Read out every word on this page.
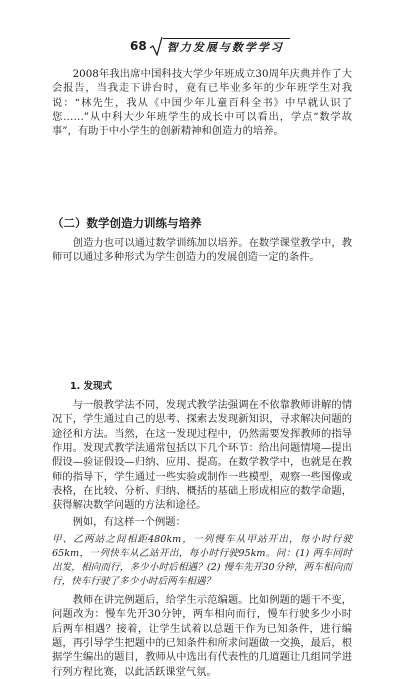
68	智力发展与数学学习

2008年我出席中国科技大学少年班成立30周年庆典并作了大会报告，当我走下讲台时，竟有已毕业多年的少年班学生对我说：“林先生，我从《中国少年儿童百科全书》中早就认识了您……”从中科大少年班学生的成长中可以看出，学点“数学故事”，有助于中小学生的创新精神和创造力的培养。

（二）数学创造力训练与培养

创造力也可以通过数学训练加以培养。在数学课堂教学中，教师可以通过多种形式为学生创造力的发展创造一定的条件。

1. 发现式

与一般教学法不同，发现式教学法强调在不依靠教师讲解的情况下，学生通过自己的思考、探索去发现新知识，寻求解决问题的途径和方法。当然，在这一发现过程中，仍然需要发挥教师的指导作用。发现式教学法通常包括以下几个环节：给出问题情境—提出假设—验证假设—归纳、应用、提高。在数学教学中，也就是在教师的指导下，学生通过一些实验或制作一些模型，观察一些图像或表格，在比较、分析、归纳、概括的基础上形成相应的数学命题，获得解决数学问题的方法和途径。

例如，有这样一个例题：

甲、乙两站之间相距480km，一列慢车从甲站开出，每小时行驶65km，一列快车从乙站开出，每小时行驶95km。问：(1) 两车同时出发，相向而行，多少小时后相遇？(2) 慢车先开30分钟，两车相向而行，快车行驶了多少小时后两车相遇？

教师在讲完例题后，给学生示范编题。比如例题的题干不变，问题改为：慢车先开30分钟，两车相向而行，慢车行驶多少小时后两车相遇？接着，让学生试着以总题干作为已知条件，进行编题，再引导学生把题中的已知条件和所求问题做一交换，最后，根据学生编出的题目，教师从中选出有代表性的几道题让几组同学进行列方程比赛，以此活跃课堂气氛。
